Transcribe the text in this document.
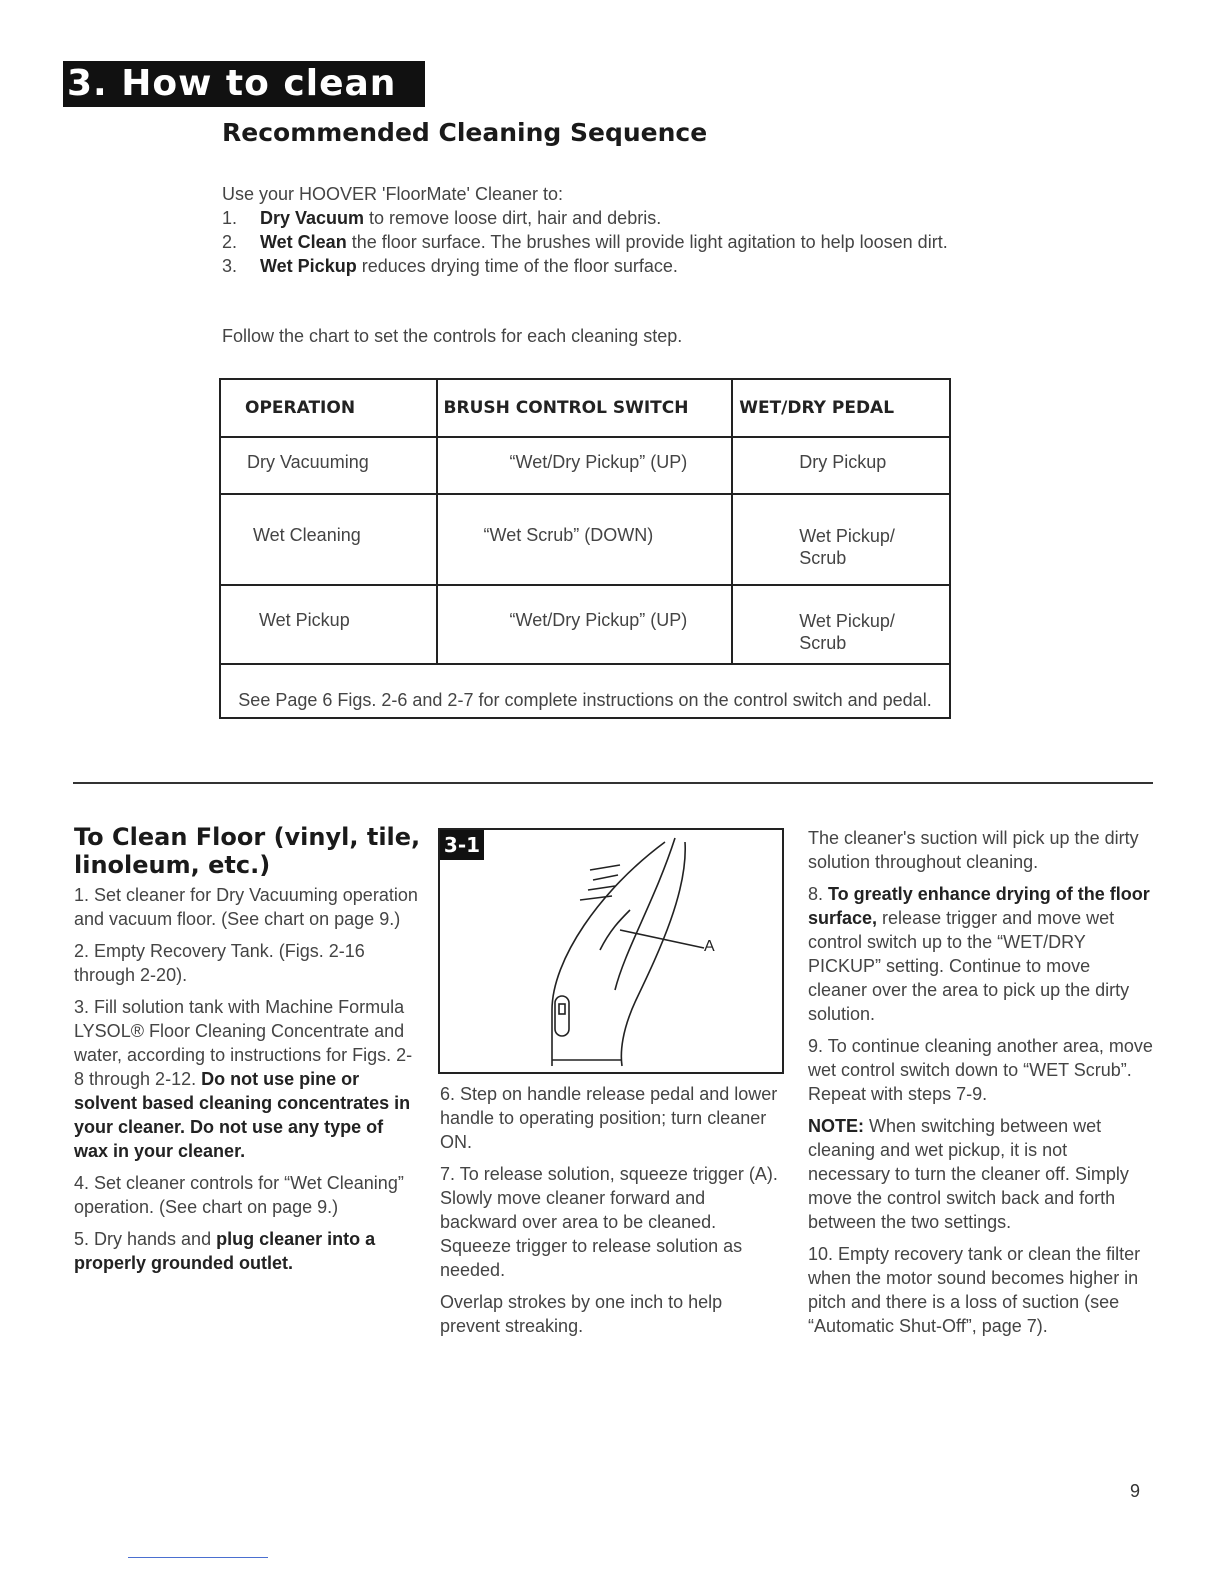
3. How to clean
Recommended Cleaning Sequence

Use your HOOVER 'FloorMate' Cleaner to:

1. Dry Vacuum to remove loose dirt, hair and debris.
2. Wet Clean the floor surface. The brushes will provide light agitation to help loosen dirt.
3. Wet Pickup reduces drying time of the floor surface.

Follow the chart to set the controls for each cleaning step.

OPERATION	BRUSH CONTROL SWITCH	WET/DRY PEDAL
Dry Vacuuming	“Wet/Dry Pickup” (UP)	Dry Pickup
Wet Cleaning	“Wet Scrub” (DOWN)	Wet Pickup/ Scrub
Wet Pickup	“Wet/Dry Pickup” (UP)	Wet Pickup/ Scrub
See Page 6 Figs. 2-6 and 2-7 for complete instructions on the control switch and pedal.		
To Clean Floor (vinyl, tile, linoleum, etc.)

1. Set cleaner for Dry Vacuuming operation and vacuum floor. (See chart on page 9.)

2. Empty Recovery Tank. (Figs. 2-16 through 2-20).

3. Fill solution tank with Machine Formula LYSOL® Floor Cleaning Concentrate and water, according to instructions for Figs. 2-8 through 2-12. Do not use pine or solvent based cleaning concentrates in your cleaner. Do not use any type of wax in your cleaner.

4. Set cleaner controls for “Wet Cleaning” operation. (See chart on page 9.)

5. Dry hands and plug cleaner into a properly grounded outlet.

3-1
A

6. Step on handle release pedal and lower handle to operating position; turn cleaner ON.

7. To release solution, squeeze trigger (A). Slowly move cleaner forward and backward over area to be cleaned. Squeeze trigger to release solution as needed.

Overlap strokes by one inch to help prevent streaking.

The cleaner's suction will pick up the dirty solution throughout cleaning.

8. To greatly enhance drying of the floor surface, release trigger and move wet control switch up to the “WET/DRY PICKUP” setting. Continue to move cleaner over the area to pick up the dirty solution.

9. To continue cleaning another area, move wet control switch down to “WET Scrub”. Repeat with steps 7-9.

NOTE: When switching between wet cleaning and wet pickup, it is not necessary to turn the cleaner off. Simply move the control switch back and forth between the two settings.

10. Empty recovery tank or clean the filter when the motor sound becomes higher in pitch and there is a loss of suction (see “Automatic Shut-Off”, page 7).

9
